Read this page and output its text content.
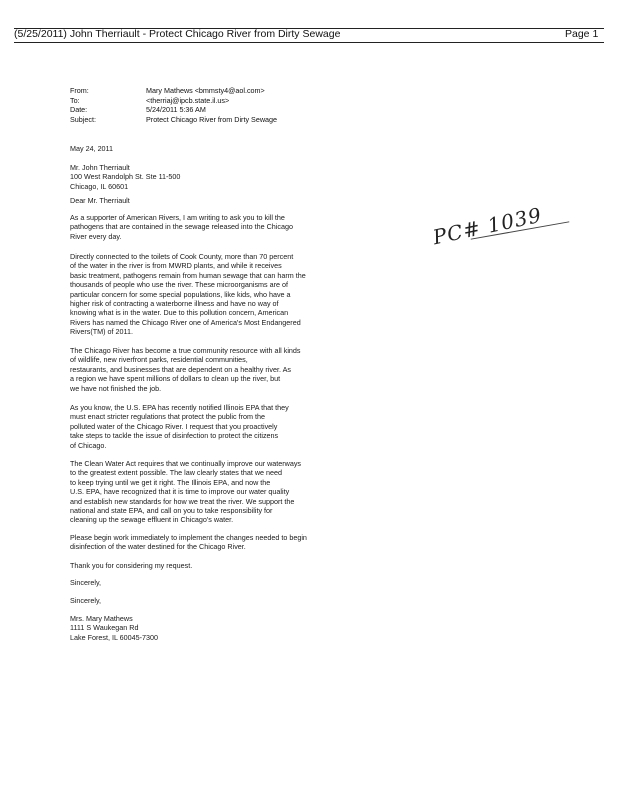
(5/25/2011) John Therriault - Protect Chicago River from Dirty Sewage	Page 1
From:	Mary Mathews <bmmsty4@aol.com>
To:	<therriaj@ipcb.state.il.us>
Date:	5/24/2011 5:36 AM
Subject:	Protect Chicago River from Dirty Sewage
May 24, 2011
Mr. John Therriault
100 West Randolph St. Ste 11-500
Chicago, IL 60601
Dear Mr. Therriault
As a supporter of American Rivers, I am writing to ask you to kill the
pathogens that are contained in the sewage released into the Chicago
River every day.
Directly connected to the toilets of Cook County, more than 70 percent
of the water in the river is from MWRD plants, and while it receives
basic treatment, pathogens remain from human sewage that can harm the
thousands of people who use the river. These microorganisms are of
particular concern for some special populations, like kids, who have a
higher risk of contracting a waterborne illness and have no way of
knowing what is in the water. Due to this pollution concern, American
Rivers has named the Chicago River one of America's Most Endangered
Rivers(TM) of 2011.
The Chicago River has become a true community resource with all kinds
of wildlife, new riverfront parks, residential communities,
restaurants, and businesses that are dependent on a healthy river. As
a region we have spent millions of dollars to clean up the river, but
we have not finished the job.
As you know, the U.S. EPA has recently notified Illinois EPA that they
must enact stricter regulations that protect the public from the
polluted water of the Chicago River. I request that you proactively
take steps to tackle the issue of disinfection to protect the citizens
of Chicago.
The Clean Water Act requires that we continually improve our waterways
to the greatest extent possible. The law clearly states that we need
to keep trying until we get it right. The Illinois EPA, and now the
U.S. EPA, have recognized that it is time to improve our water quality
and establish new standards for how we treat the river. We support the
national and state EPA, and call on you to take responsibility for
cleaning up the sewage effluent in Chicago's water.
Please begin work immediately to implement the changes needed to begin
disinfection of the water destined for the Chicago River.
Thank you for considering my request.
Sincerely,
Sincerely,
Mrs. Mary Mathews
1111 S Waukegan Rd
Lake Forest, IL 60045-7300
PC# 1039
